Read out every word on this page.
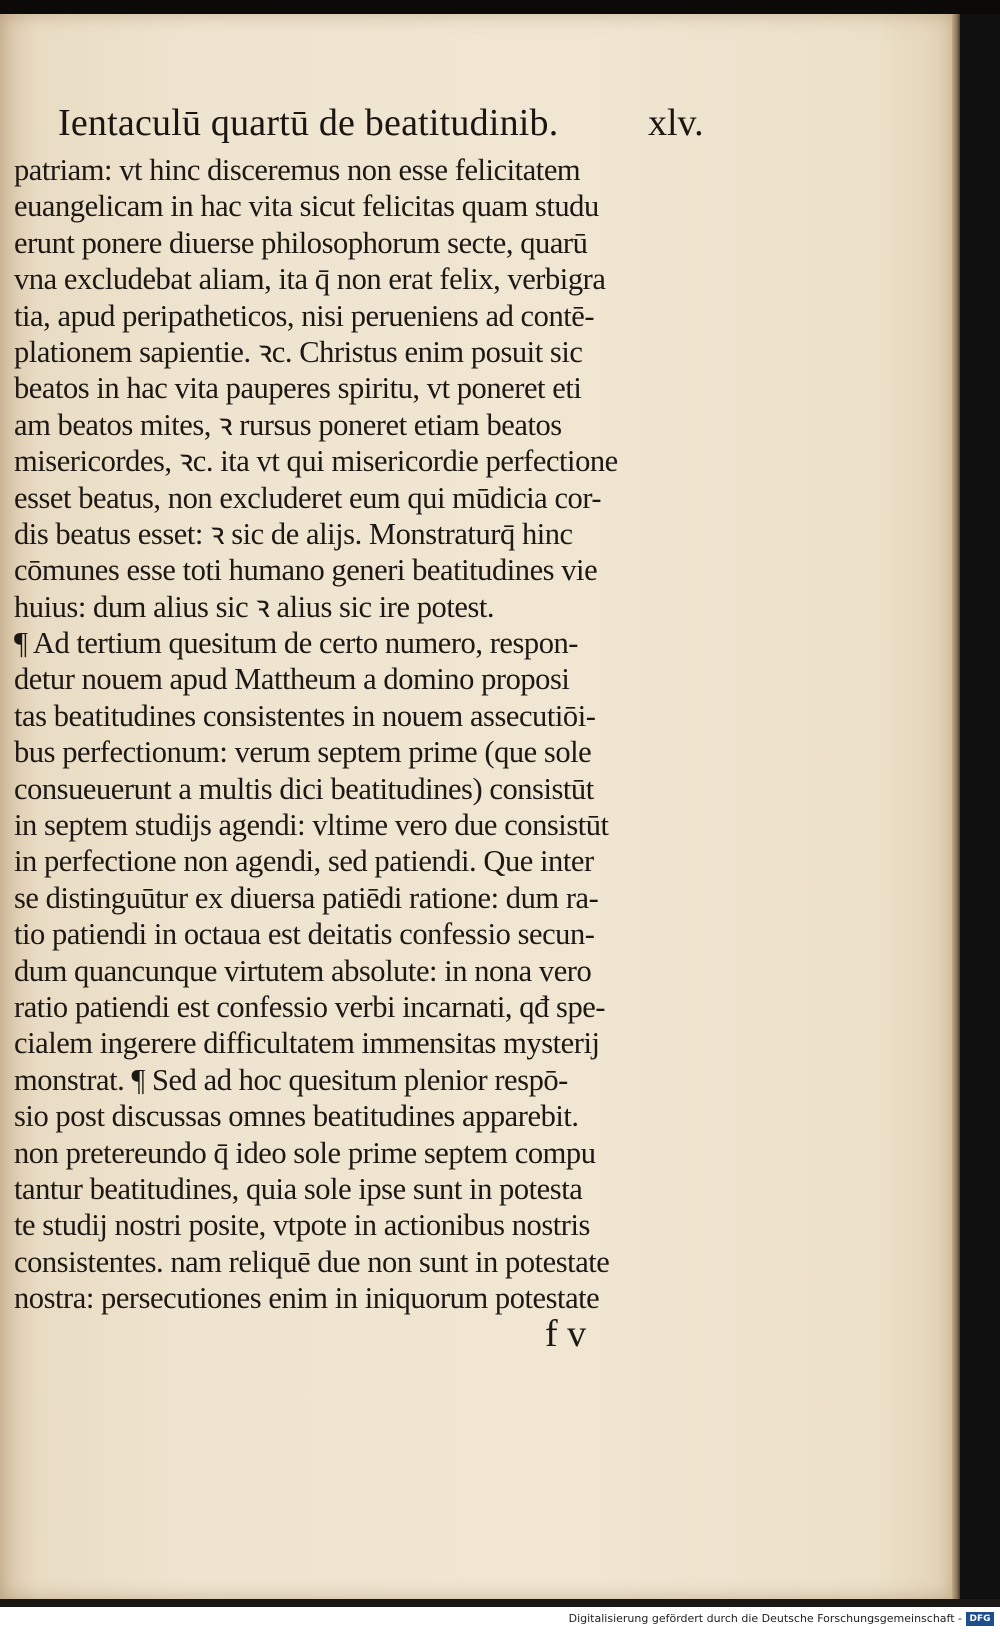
Ientaculū quartū de beatitudinib. xlv.
patriam: vt hinc disceremus non esse felicitatem
euangelicam in hac vita sicut felicitas quam studu
erunt ponere diuerse philosophorum secte, quarū
vna excludebat aliam, ita q̄ non erat felix, verbigra
tia, apud peripatheticos, nisi perueniens ad contē-
plationem sapientie. ꝛc. Christus enim posuit sic
beatos in hac vita pauperes spiritu, vt poneret eti
am beatos mites, ꝛ rursus poneret etiam beatos
misericordes, ꝛc. ita vt qui misericordie perfectione
esset beatus, non excluderet eum qui mūdicia cor-
dis beatus esset: ꝛ sic de alijs. Monstraturq̄ hinc
cōmunes esse toti humano generi beatitudines vie
huius: dum alius sic ꝛ alius sic ire potest.
¶ Ad tertium quesitum de certo numero, respon-
detur nouem apud Mattheum a domino proposi
tas beatitudines consistentes in nouem assecutiōi-
bus perfectionum: verum septem prime (que sole
consueuerunt a multis dici beatitudines) consistūt
in septem studijs agendi: vltime vero due consistūt
in perfectione non agendi, sed patiendi. Que inter
se distinguūtur ex diuersa patiēdi ratione: dum ra-
tio patiendi in octaua est deitatis confessio secun-
dum quancunque virtutem absolute: in nona vero
ratio patiendi est confessio verbi incarnati, qđ spe-
cialem ingerere difficultatem immensitas mysterij
monstrat. ¶ Sed ad hoc quesitum plenior respō-
sio post discussas omnes beatitudines apparebit.
non pretereundo q̄ ideo sole prime septem compu
tantur beatitudines, quia sole ipse sunt in potesta
te studij nostri posite, vtpote in actionibus nostris
consistentes. nam reliquē due non sunt in potestate
nostra: persecutiones enim in iniquorum potestate
f v
Digitalisierung gefördert durch die Deutsche Forschungsgemeinschaft - DFG
